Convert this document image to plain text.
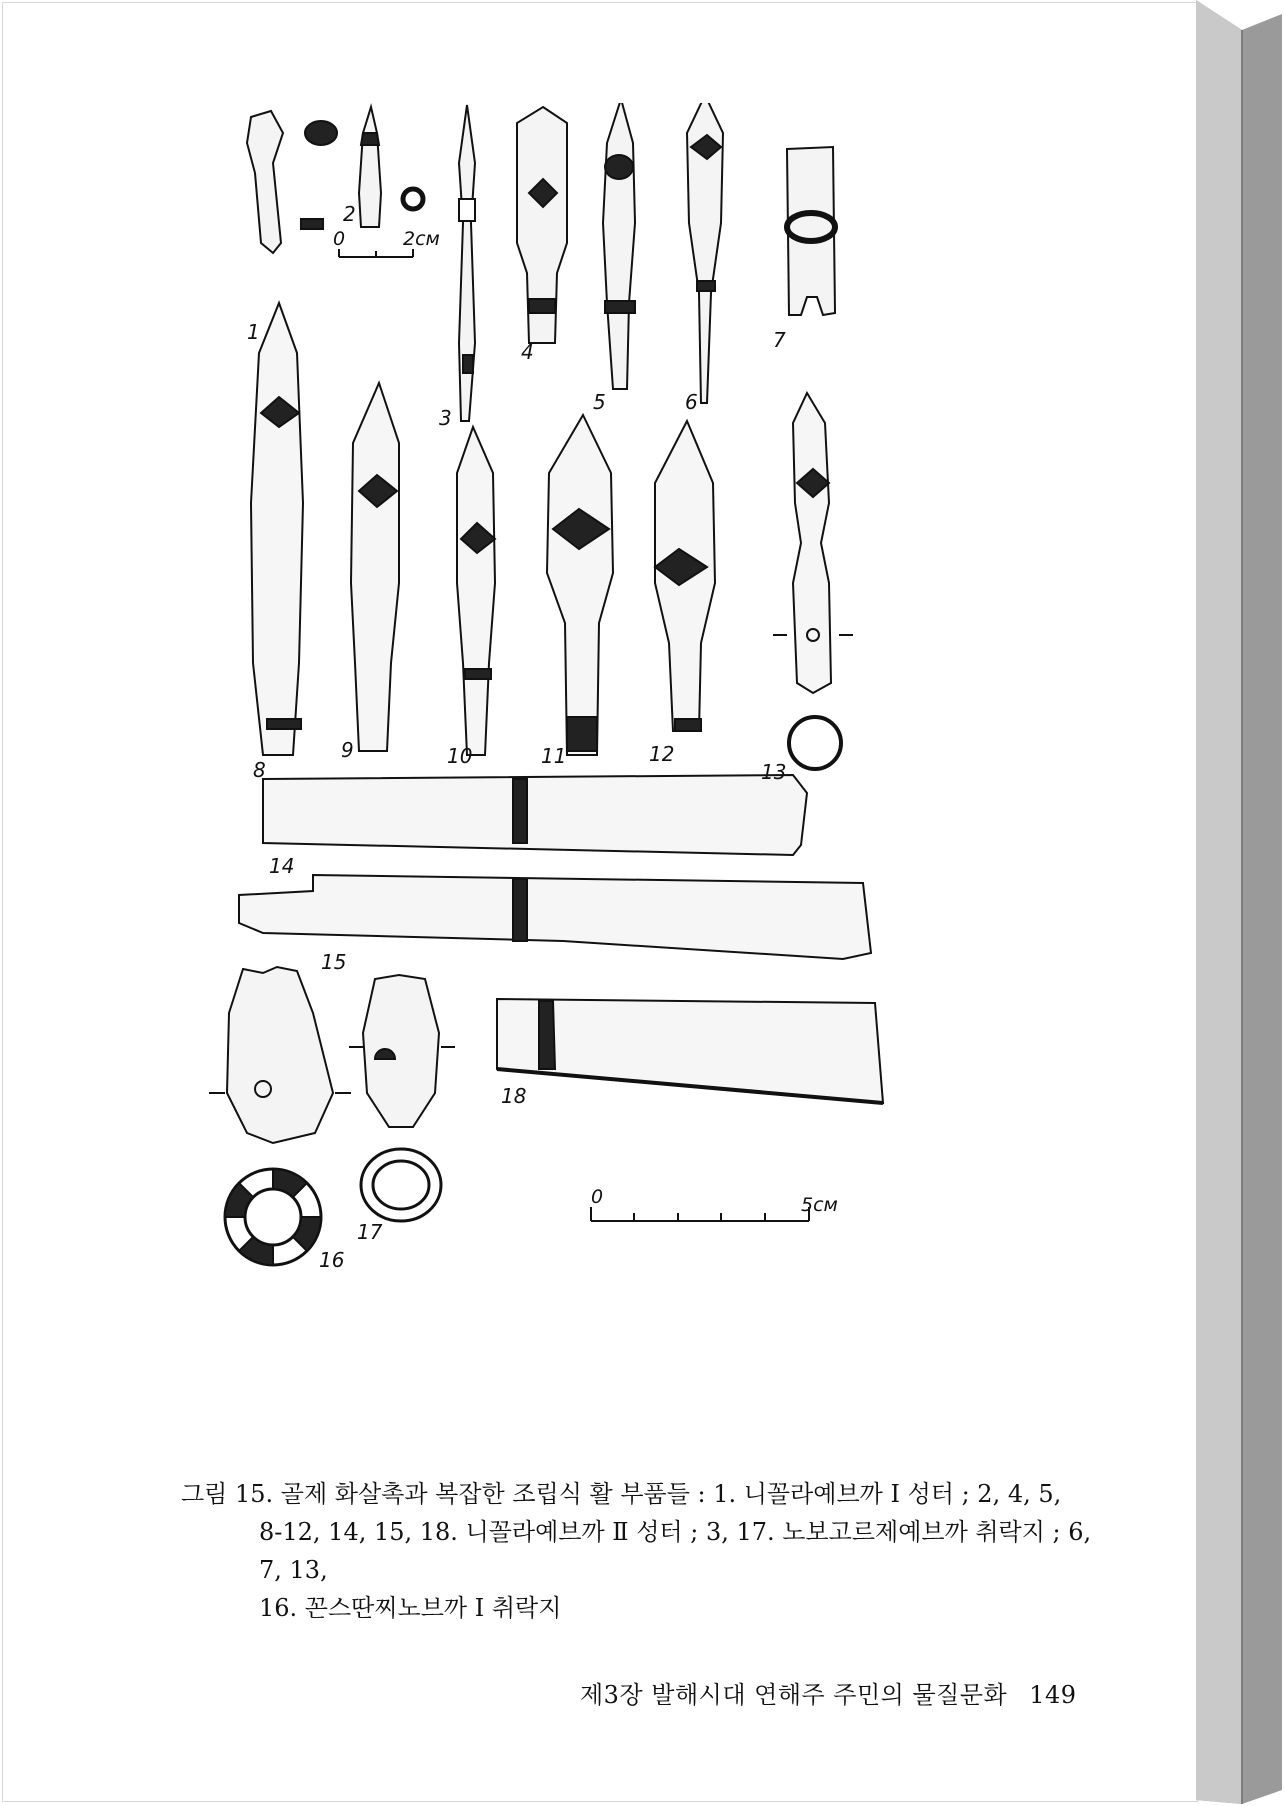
1
2
3
4
5	6
7
8
9	10	11	12
13
14
15
16
17
18
0	2см
0	5см
그림 15. 골제 화살촉과 복잡한 조립식 활 부품들 : 1. 니꼴라예브까 Ⅰ 성터 ; 2, 4, 5,
8-12, 14, 15, 18. 니꼴라예브까 Ⅱ 성터 ; 3, 17. 노보고르제예브까 취락지 ; 6, 7, 13,
16. 꼰스딴찌노브까 Ⅰ 취락지
제3장 발해시대 연해주 주민의 물질문화 149
